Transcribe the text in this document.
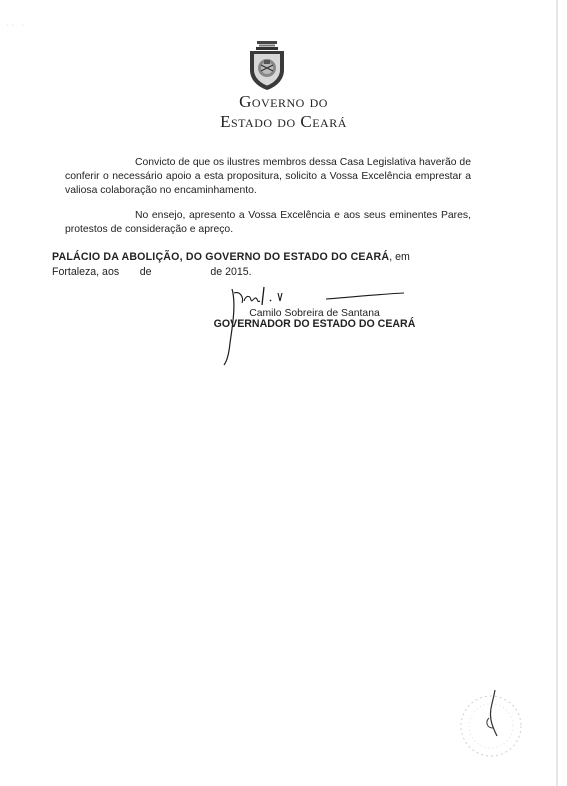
·· ·
Governo do
Estado do Ceará
Convicto de que os ilustres membros dessa Casa Legislativa haverão de conferir o necessário apoio a esta propositura, solicito a Vossa Excelência emprestar a valiosa colaboração no encaminhamento.
No ensejo, apresento a Vossa Excelência e aos seus eminentes Pares, protestos de consideração e apreço.
PALÁCIO DA ABOLIÇÃO, DO GOVERNO DO ESTADO DO CEARÁ, em
Fortaleza, aos       de                    de 2015.
Camilo Sobreira de Santana
GOVERNADOR DO ESTADO DO CEARÁ
